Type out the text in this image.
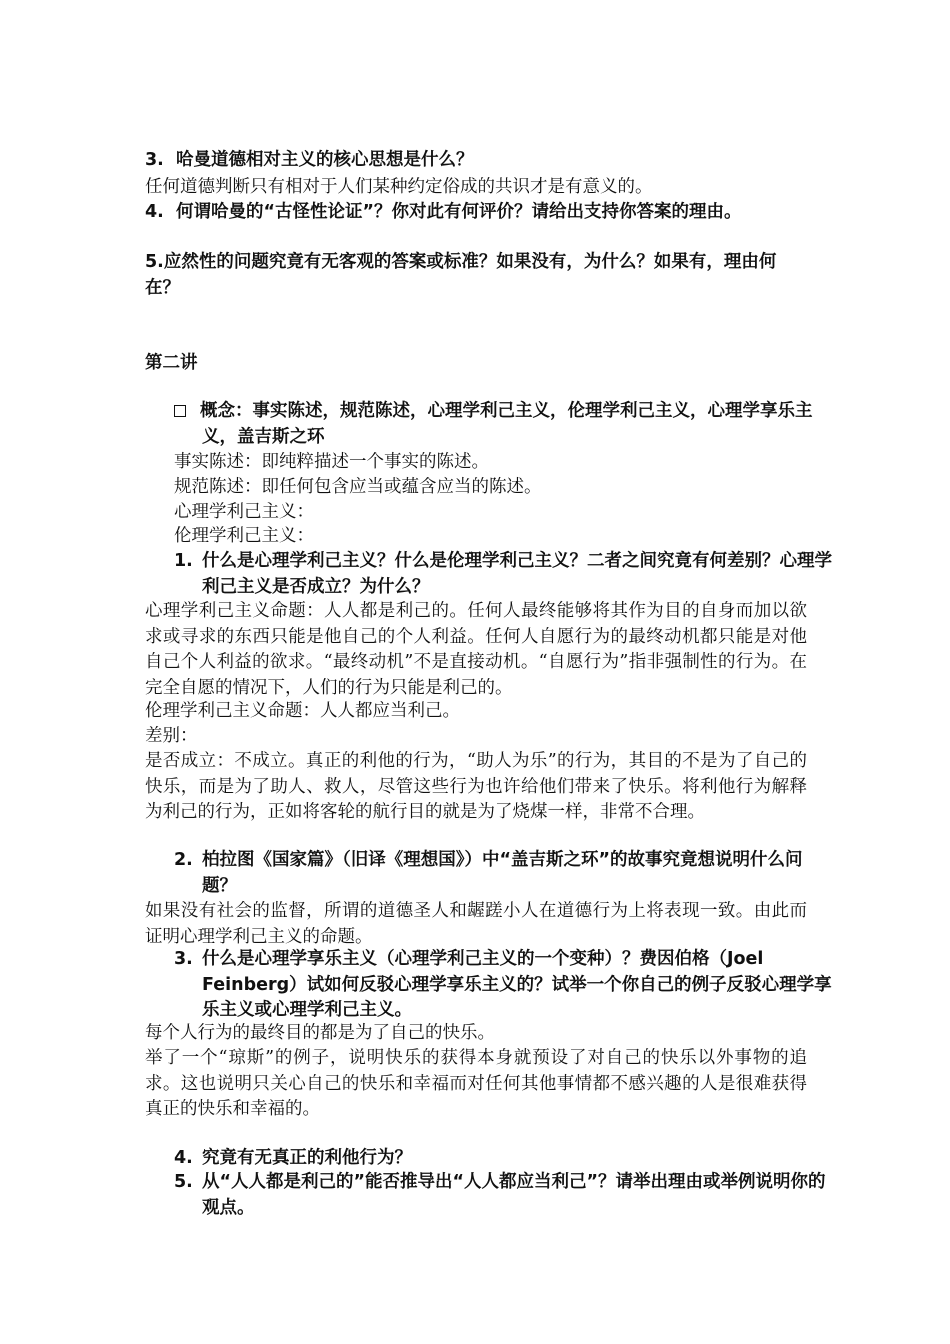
3. 哈曼道德相对主义的核心思想是什么？
任何道德判断只有相对于人们某种约定俗成的共识才是有意义的。
4. 何谓哈曼的“古怪性论证”？你对此有何评价？请给出支持你答案的理由。
5.应然性的问题究竟有无客观的答案或标准？如果没有，为什么？如果有，理由何在？
第二讲
概念：事实陈述，规范陈述，心理学利己主义，伦理学利己主义，心理学享乐主义，盖吉斯之环
事实陈述：即纯粹描述一个事实的陈述。
规范陈述：即任何包含应当或蕴含应当的陈述。
心理学利己主义：
伦理学利己主义：
1. 什么是心理学利己主义？什么是伦理学利己主义？二者之间究竟有何差别？心理学利己主义是否成立？为什么？
心理学利己主义命题：人人都是利己的。任何人最终能够将其作为目的自身而加以欲求或寻求的东西只能是他自己的个人利益。任何人自愿行为的最终动机都只能是对他自己个人利益的欲求。“最终动机”不是直接动机。“自愿行为”指非强制性的行为。在完全自愿的情况下，人们的行为只能是利己的。
伦理学利己主义命题：人人都应当利己。
差别：
是否成立：不成立。真正的利他的行为，“助人为乐”的行为，其目的不是为了自己的快乐，而是为了助人、救人，尽管这些行为也许给他们带来了快乐。将利他行为解释为利己的行为，正如将客轮的航行目的就是为了烧煤一样，非常不合理。
2. 柏拉图《国家篇》（旧译《理想国》）中“盖吉斯之环”的故事究竟想说明什么问题？
如果没有社会的监督，所谓的道德圣人和龌蹉小人在道德行为上将表现一致。由此而证明心理学利己主义的命题。
3. 什么是心理学享乐主义（心理学利己主义的一个变种）？费因伯格（Joel Feinberg）试如何反驳心理学享乐主义的？试举一个你自己的例子反驳心理学享乐主义或心理学利己主义。
每个人行为的最终目的都是为了自己的快乐。
举了一个“琼斯”的例子，说明快乐的获得本身就预设了对自己的快乐以外事物的追求。这也说明只关心自己的快乐和幸福而对任何其他事情都不感兴趣的人是很难获得真正的快乐和幸福的。
4. 究竟有无真正的利他行为？
5. 从“人人都是利己的”能否推导出“人人都应当利己”？请举出理由或举例说明你的观点。
